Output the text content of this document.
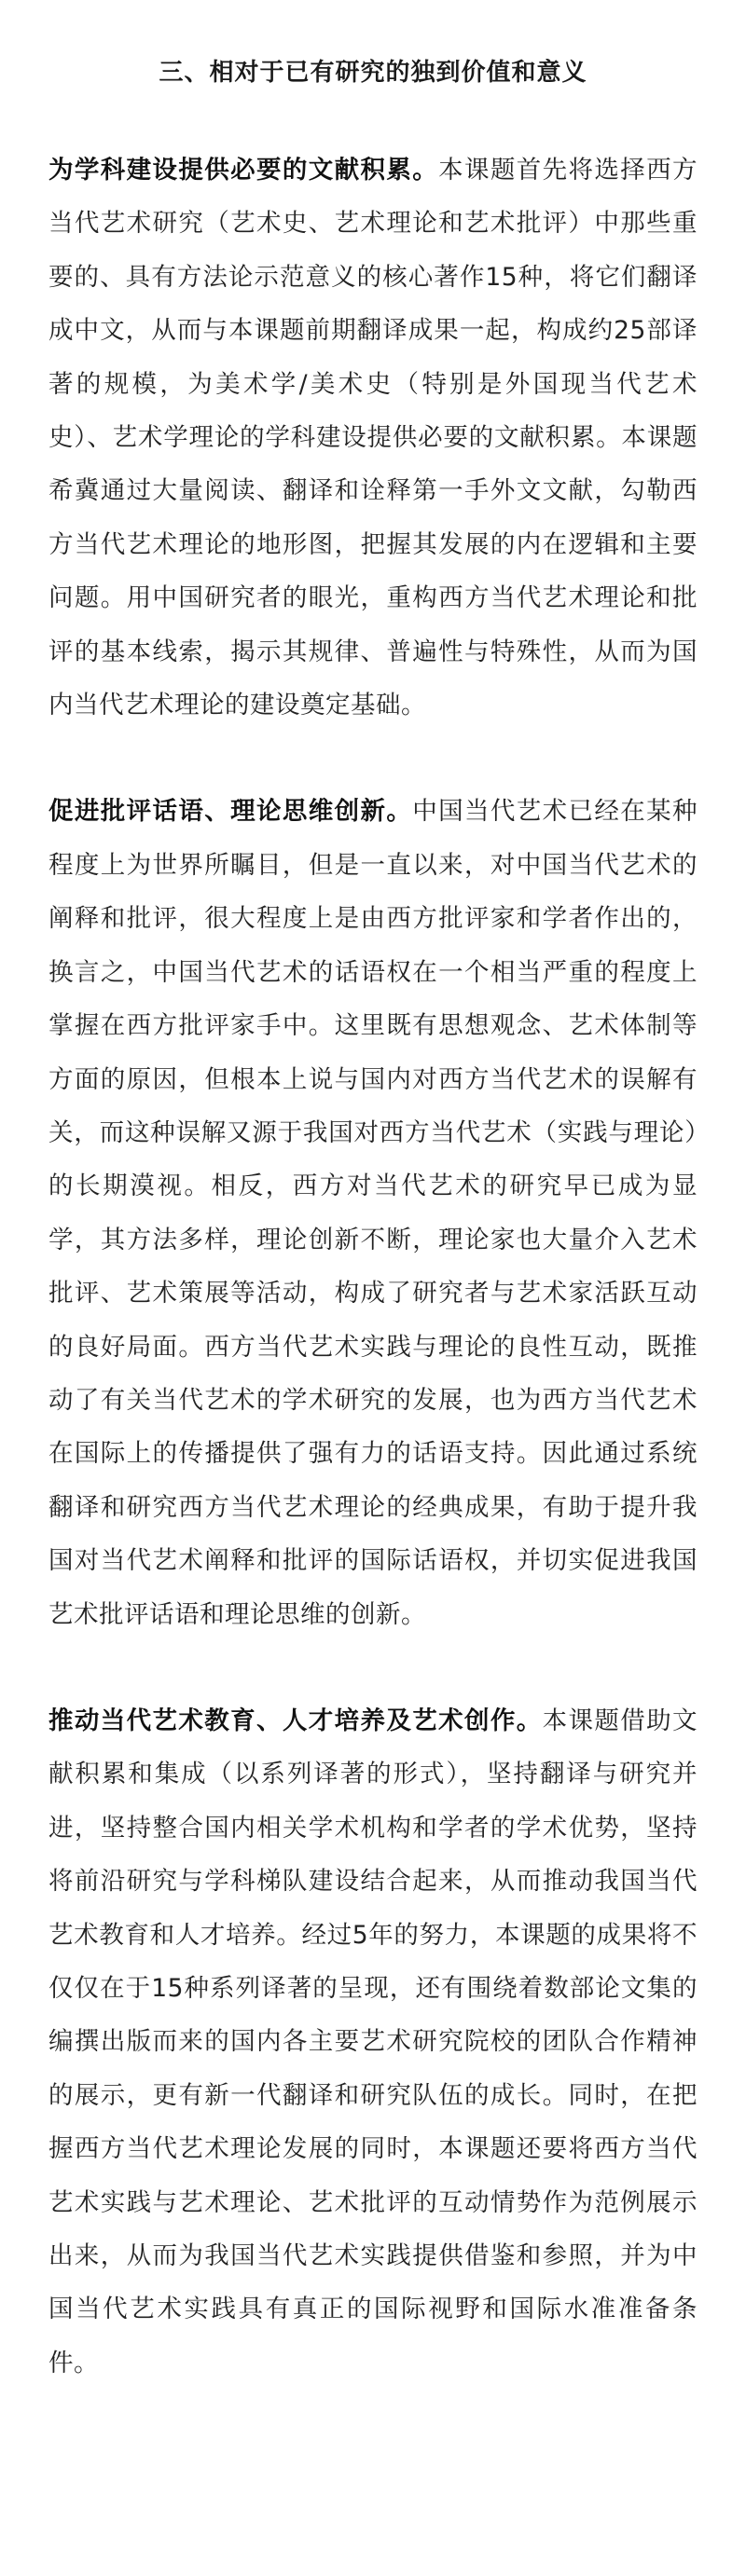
三、相对于已有研究的独到价值和意义

为学科建设提供必要的文献积累。本课题首先将选择西方当代艺术研究（艺术史、艺术理论和艺术批评）中那些重要的、具有方法论示范意义的核心著作15种，将它们翻译成中文，从而与本课题前期翻译成果一起，构成约25部译著的规模，为美术学/美术史（特别是外国现当代艺术史）、艺术学理论的学科建设提供必要的文献积累。本课题希冀通过大量阅读、翻译和诠释第一手外文文献，勾勒西方当代艺术理论的地形图，把握其发展的内在逻辑和主要问题。用中国研究者的眼光，重构西方当代艺术理论和批评的基本线索，揭示其规律、普遍性与特殊性，从而为国内当代艺术理论的建设奠定基础。

促进批评话语、理论思维创新。中国当代艺术已经在某种程度上为世界所瞩目，但是一直以来，对中国当代艺术的阐释和批评，很大程度上是由西方批评家和学者作出的，换言之，中国当代艺术的话语权在一个相当严重的程度上掌握在西方批评家手中。这里既有思想观念、艺术体制等方面的原因，但根本上说与国内对西方当代艺术的误解有关，而这种误解又源于我国对西方当代艺术（实践与理论）的长期漠视。相反，西方对当代艺术的研究早已成为显学，其方法多样，理论创新不断，理论家也大量介入艺术批评、艺术策展等活动，构成了研究者与艺术家活跃互动的良好局面。西方当代艺术实践与理论的良性互动，既推动了有关当代艺术的学术研究的发展，也为西方当代艺术在国际上的传播提供了强有力的话语支持。因此通过系统翻译和研究西方当代艺术理论的经典成果，有助于提升我国对当代艺术阐释和批评的国际话语权，并切实促进我国艺术批评话语和理论思维的创新。

推动当代艺术教育、人才培养及艺术创作。本课题借助文献积累和集成（以系列译著的形式），坚持翻译与研究并进，坚持整合国内相关学术机构和学者的学术优势，坚持将前沿研究与学科梯队建设结合起来，从而推动我国当代艺术教育和人才培养。经过5年的努力，本课题的成果将不仅仅在于15种系列译著的呈现，还有围绕着数部论文集的编撰出版而来的国内各主要艺术研究院校的团队合作精神的展示，更有新一代翻译和研究队伍的成长。同时，在把握西方当代艺术理论发展的同时，本课题还要将西方当代艺术实践与艺术理论、艺术批评的互动情势作为范例展示出来，从而为我国当代艺术实践提供借鉴和参照，并为中国当代艺术实践具有真正的国际视野和国际水准准备条件。
